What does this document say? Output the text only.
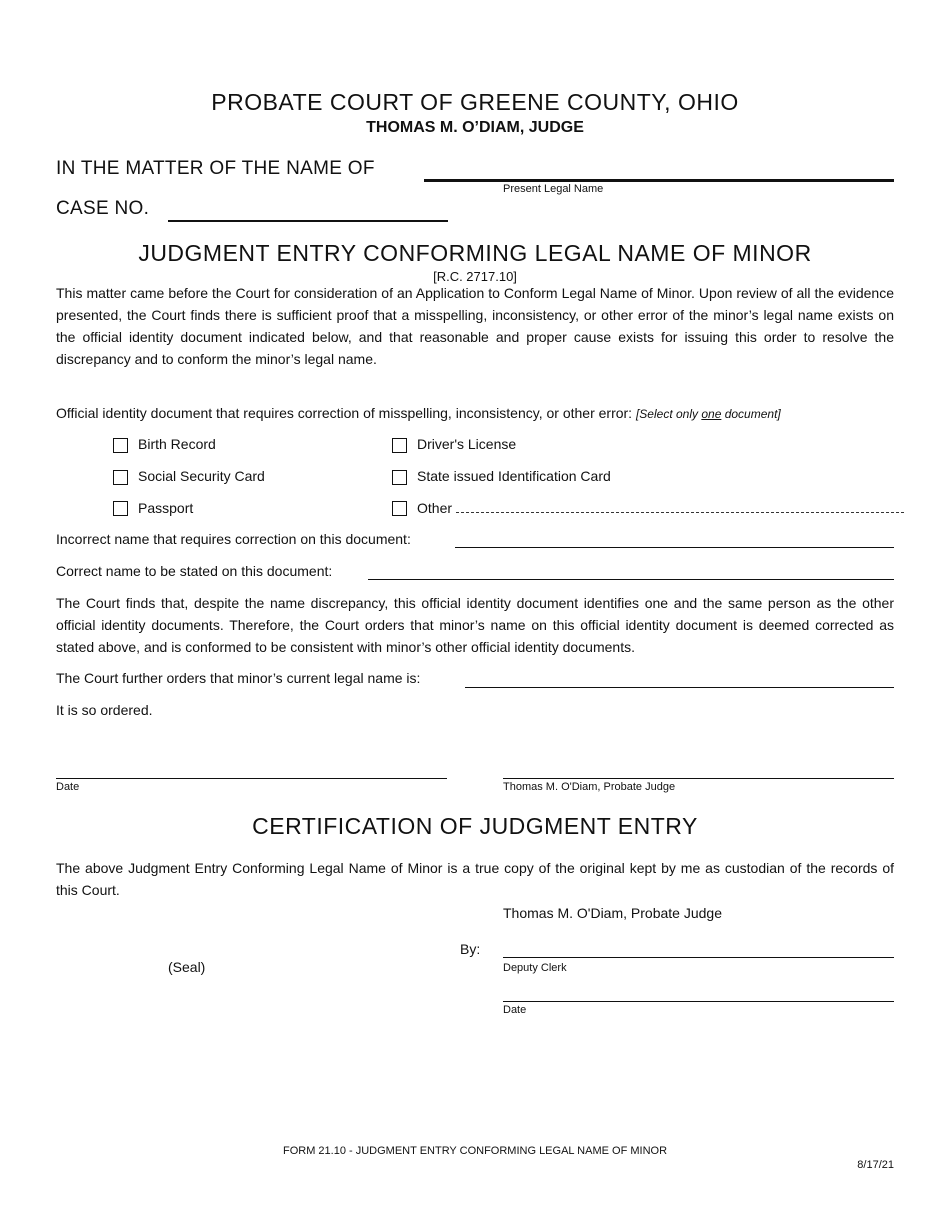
PROBATE COURT OF GREENE COUNTY, OHIO
THOMAS M. O’DIAM, JUDGE
IN THE MATTER OF THE NAME OF
Present Legal Name
CASE NO.
JUDGMENT ENTRY CONFORMING LEGAL NAME OF MINOR
[R.C. 2717.10]
This matter came before the Court for consideration of an Application to Conform Legal Name of Minor. Upon review of all the evidence presented, the Court finds there is sufficient proof that a misspelling, inconsistency, or other error of the minor’s legal name exists on the official identity document indicated below, and that reasonable and proper cause exists for issuing this order to resolve the discrepancy and to conform the minor’s legal name.
Official identity document that requires correction of misspelling, inconsistency, or other error: [Select only one document]
Birth Record	Driver's License
Social Security Card	State issued Identification Card
Passport	Other
Incorrect name that requires correction on this document:
Correct name to be stated on this document:
The Court finds that, despite the name discrepancy, this official identity document identifies one and the same person as the other official identity documents. Therefore, the Court orders that minor’s name on this official identity document is deemed corrected as stated above, and is conformed to be consistent with minor’s other official identity documents.
The Court further orders that minor’s current legal name is:
It is so ordered.
Date	Thomas M. O'Diam, Probate Judge
CERTIFICATION OF JUDGMENT ENTRY
The above Judgment Entry Conforming Legal Name of Minor is a true copy of the original kept by me as custodian of the records of this Court.
Thomas M. O'Diam, Probate Judge
By:
Deputy Clerk
(Seal)
Date
FORM 21.10 - JUDGMENT ENTRY CONFORMING LEGAL NAME OF MINOR
8/17/21
